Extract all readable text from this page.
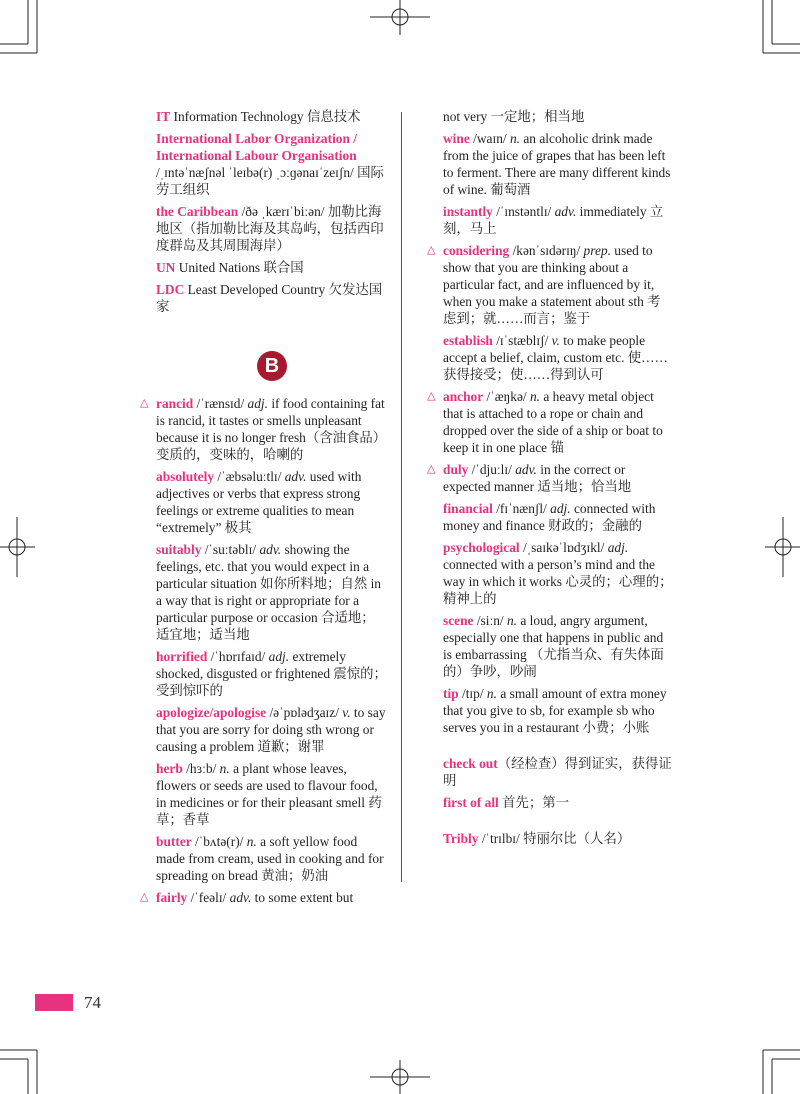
IT Information Technology 信息技术
International Labor Organization / International Labour Organisation
/ˌɪntəˈnæʃnəl ˈleɪbə(r) ˌɔːɡənaɪˈzeɪʃn/ 国际劳工组织
the Caribbean /ðə ˌkærɪˈbiːən/ 加勒比海地区（指加勒比海及其岛屿，包括西印度群岛及其周围海岸）
UN United Nations 联合国
LDC Least Developed Country 欠发达国家
B
△ rancid /ˈrænsɪd/ adj. if food containing fat is rancid, it tastes or smells unpleasant because it is no longer fresh（含油食品）变质的，变味的，哈喇的
absolutely /ˈæbsəluːtlɪ/ adv. used with adjectives or verbs that express strong feelings or extreme qualities to mean “extremely” 极其
suitably /ˈsuːtəblɪ/ adv. showing the feelings, etc. that you would expect in a particular situation 如你所料地；自然 in a way that is right or appropriate for a particular purpose or occasion 合适地；适宜地；适当地
horrified /ˈhɒrɪfaɪd/ adj. extremely shocked, disgusted or frightened 震惊的；受到惊吓的
apologize/apologise /əˈpɒlədʒaɪz/ v. to say that you are sorry for doing sth wrong or causing a problem 道歉；谢罪
herb /hɜːb/ n. a plant whose leaves, flowers or seeds are used to flavour food, in medicines or for their pleasant smell 药草；香草
butter /ˈbʌtə(r)/ n. a soft yellow food made from cream, used in cooking and for spreading on bread 黄油；奶油
△ fairly /ˈfeəlɪ/ adv. to some extent but
not very 一定地；相当地
wine /waɪn/ n. an alcoholic drink made from the juice of grapes that has been left to ferment. There are many different kinds of wine. 葡萄酒
instantly /ˈɪnstəntlɪ/ adv. immediately 立刻，马上
△ considering /kənˈsɪdərɪŋ/ prep. used to show that you are thinking about a particular fact, and are influenced by it, when you make a statement about sth 考虑到；就……而言；鉴于
establish /ɪˈstæblɪʃ/ v. to make people accept a belief, claim, custom etc. 使……获得接受；使……得到认可
△ anchor /ˈæŋkə/ n. a heavy metal object that is attached to a rope or chain and dropped over the side of a ship or boat to keep it in one place 锚
△ duly /ˈdjuːlɪ/ adv. in the correct or expected manner 适当地；恰当地
financial /fɪˈnænʃl/ adj. connected with money and finance 财政的；金融的
psychological /ˌsaɪkəˈlɒdʒɪkl/ adj. connected with a person’s mind and the way in which it works 心灵的；心理的；精神上的
scene /siːn/ n. a loud, angry argument, especially one that happens in public and is embarrassing （尤指当众、有失体面的）争吵，吵闹
tip /tɪp/ n. a small amount of extra money that you give to sb, for example sb who serves you in a restaurant 小费；小账
check out（经检查）得到证实，获得证明
first of all 首先；第一
Tribly /ˈtrɪlbɪ/ 特丽尔比（人名）
74
